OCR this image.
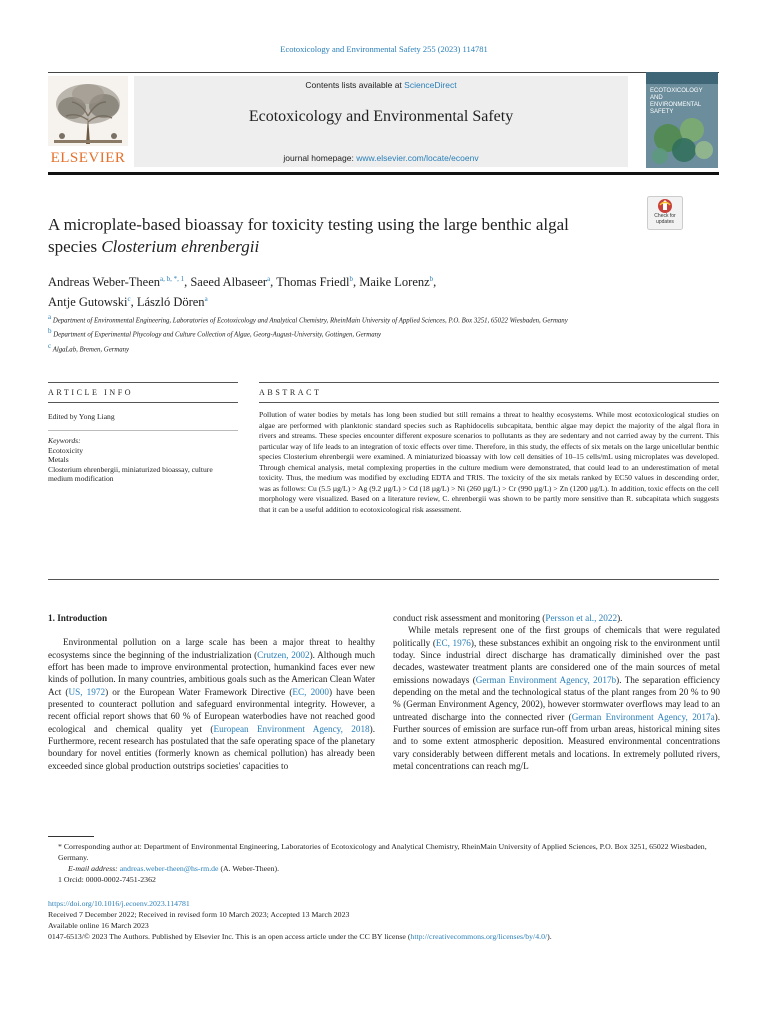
Ecotoxicology and Environmental Safety 255 (2023) 114781
ELSEVIER
Contents lists available at ScienceDirect
Ecotoxicology and Environmental Safety
journal homepage: www.elsevier.com/locate/ecoenv
ECOTOXICOLOGY AND ENVIRONMENTAL SAFETY
A microplate-based bioassay for toxicity testing using the large benthic algal species Closterium ehrenbergii
Check for updates
Andreas Weber-Theen$^{a, b, *, 1}$, Saeed Albaseer$^a$, Thomas Friedl$^b$, Maike Lorenz$^b$,
Antje Gutowski$^c$, László Dören$^a$
$^a$ Department of Environmental Engineering, Laboratories of Ecotoxicology and Analytical Chemistry, RheinMain University of Applied Sciences, P.O. Box 3251, 65022 Wiesbaden, Germany
$^b$ Department of Experimental Phycology and Culture Collection of Algae, Georg-August-University, Gottingen, Germany
$^c$ AlgaLab, Bremen, Germany
ARTICLE INFO
Edited by Yong Liang
Keywords:
Ecotoxicity
Metals
Closterium ehrenbergii, miniaturized bioassay, culture medium modification
ABSTRACT
Pollution of water bodies by metals has long been studied but still remains a threat to healthy ecosystems. While most ecotoxicological studies on algae are performed with planktonic standard species such as Raphidocelis subcapitata, benthic algae may depict the majority of the algal flora in rivers and streams. These species encounter different exposure scenarios to pollutants as they are sedentary and not carried away by the current. This particular way of life leads to an integration of toxic effects over time. Therefore, in this study, the effects of six metals on the large unicellular benthic species Closterium ehrenbergii were examined. A miniaturized bioassay with low cell densities of 10–15 cells/mL using microplates was developed. Through chemical analysis, metal complexing properties in the culture medium were demonstrated, that could lead to an underestimation of metal toxicity. Thus, the medium was modified by excluding EDTA and TRIS. The toxicity of the six metals ranked by EC50 values in descending order, was as follows: Cu (5.5 µg/L) > Ag (9.2 µg/L) > Cd (18 µg/L) > Ni (260 µg/L) > Cr (990 µg/L) > Zn (1200 µg/L). In addition, toxic effects on the cell morphology were visualized. Based on a literature review, C. ehrenbergii was shown to be partly more sensitive than R. subcapitata which suggests that it can be a useful addition to ecotoxicological risk assessment.

1. Introduction

Environmental pollution on a large scale has been a major threat to healthy ecosystems since the beginning of the industrialization (Crutzen, 2002). Although much effort has been made to improve environmental protection, humankind faces ever new kinds of pollution. In many countries, ambitious goals such as the American Clean Water Act (US, 1972) or the European Water Framework Directive (EC, 2000) have been presented to counteract pollution and safeguard environmental integrity. However, a recent official report shows that 60 % of European waterbodies have not reached good ecological and chemical quality yet (European Environment Agency, 2018). Furthermore, recent research has postulated that the safe operating space of the planetary boundary for novel entities (formerly known as chemical pollution) has already been exceeded since global production outstrips societies' capacities to

conduct risk assessment and monitoring (Persson et al., 2022).

While metals represent one of the first groups of chemicals that were regulated politically (EC, 1976), these substances exhibit an ongoing risk to the environment until today. Since industrial direct discharge has dramatically diminished over the past decades, wastewater treatment plants are considered one of the main sources of metal emissions nowadays (German Environment Agency, 2017b). The separation efficiency depending on the metal and the technological status of the plant ranges from 20 % to 90 % (German Environment Agency, 2002), however stormwater overflows may lead to an untreated discharge into the connected river (German Environment Agency, 2017a). Further sources of emission are surface run-off from urban areas, historical mining sites and to some extent atmospheric deposition. Measured environmental concentrations vary considerably between different metals and locations. In extremely polluted rivers, metal concentrations can reach mg/L

* Corresponding author at: Department of Environmental Engineering, Laboratories of Ecotoxicology and Analytical Chemistry, RheinMain University of Applied Sciences, P.O. Box 3251, 65022 Wiesbaden, Germany.

E-mail address: andreas.weber-theen@hs-rm.de (A. Weber-Theen).

1 Orcid: 0000-0002-7451-2362

https://doi.org/10.1016/j.ecoenv.2023.114781

Received 7 December 2022; Received in revised form 10 March 2023; Accepted 13 March 2023

Available online 16 March 2023

0147-6513/© 2023 The Authors. Published by Elsevier Inc. This is an open access article under the CC BY license (http://creativecommons.org/licenses/by/4.0/).
